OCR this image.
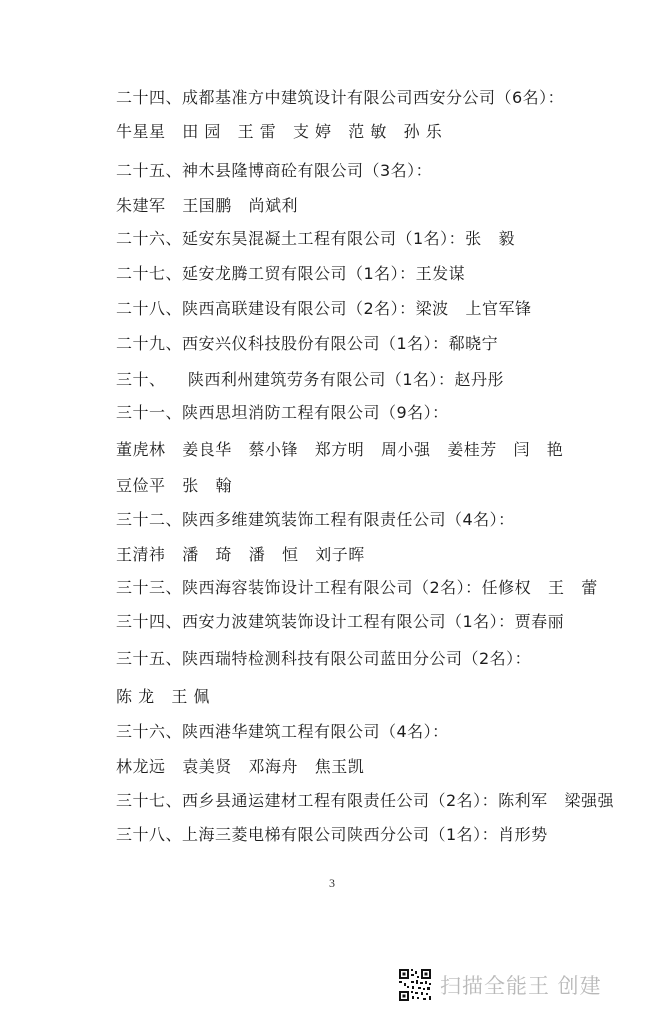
二十四、成都基准方中建筑设计有限公司西安分公司（6名）：
牛星星   田 园   王 雷   支 婷   范 敏   孙 乐
二十五、神木县隆博商砼有限公司（3名）：
朱建军   王国鹏   尚斌利
二十六、延安东昊混凝土工程有限公司（1名）：张   毅
二十七、延安龙腾工贸有限公司（1名）：王发谋
二十八、陕西高联建设有限公司（2名）：梁波   上官军锋
二十九、西安兴仪科技股份有限公司（1名）：郗晓宁
三十、    陕西利州建筑劳务有限公司（1名）：赵丹彤
三十一、陕西思坦消防工程有限公司（9名）：
董虎林   姜良华   蔡小锋   郑方明   周小强   姜桂芳   闫   艳
豆俭平   张   翰
三十二、陕西多维建筑装饰工程有限责任公司（4名）：
王清祎   潘   琦   潘   恒   刘子晖
三十三、陕西海容装饰设计工程有限公司（2名）：任修权   王   蕾
三十四、西安力波建筑装饰设计工程有限公司（1名）：贾春丽
三十五、陕西瑞特检测科技有限公司蓝田分公司（2名）：
陈 龙   王 佩
三十六、陕西港华建筑工程有限公司（4名）：
林龙远   袁美贤   邓海舟   焦玉凯
三十七、西乡县通运建材工程有限责任公司（2名）：陈利军   梁强强
三十八、上海三菱电梯有限公司陕西分公司（1名）：肖形势
3
扫描全能王 创建
